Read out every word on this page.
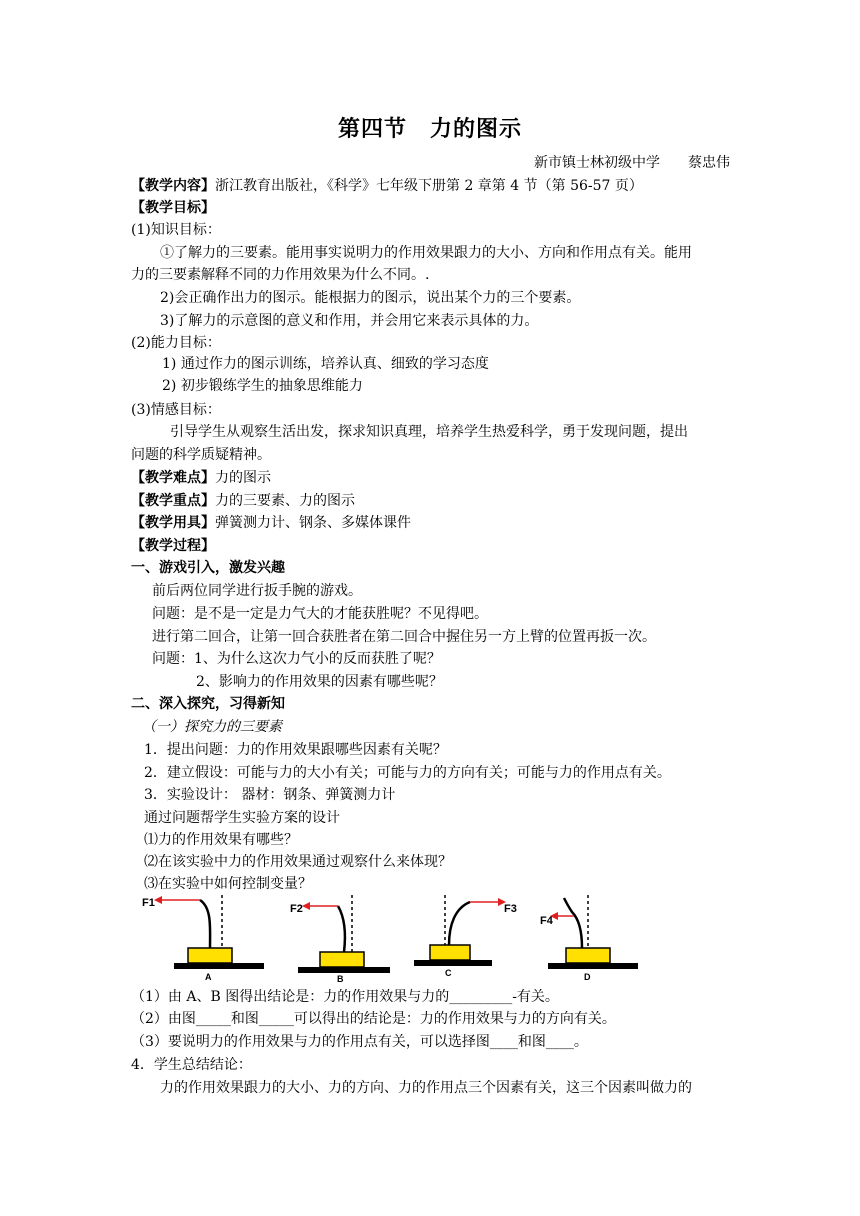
第四节　力的图示
新市镇士林初级中学 蔡忠伟
【教学内容】浙江教育出版社，《科学》七年级下册第 2 章第 4 节（第 56-57 页）
【教学目标】
(1)知识目标：
①了解力的三要素。能用事实说明力的作用效果跟力的大小、方向和作用点有关。能用
力的三要素解释不同的力作用效果为什么不同。.
2)会正确作出力的图示。能根据力的图示，说出某个力的三个要素。
3)了解力的示意图的意义和作用，并会用它来表示具体的力。
(2)能力目标：
1) 通过作力的图示训练，培养认真、细致的学习态度
2) 初步锻练学生的抽象思维能力
(3)情感目标：
引导学生从观察生活出发，探求知识真理，培养学生热爱科学，勇于发现问题，提出
问题的科学质疑精神。
【教学难点】力的图示
【教学重点】力的三要素、力的图示
【教学用具】弹簧测力计、钢条、多媒体课件
【教学过程】
一、游戏引入，激发兴趣
前后两位同学进行扳手腕的游戏。
问题：是不是一定是力气大的才能获胜呢？不见得吧。
进行第二回合，让第一回合获胜者在第二回合中握住另一方上臂的位置再扳一次。
问题：1、为什么这次力气小的反而获胜了呢？
2、影响力的作用效果的因素有哪些呢？
二、深入探究，习得新知
（一）探究力的三要素
1．提出问题：力的作用效果跟哪些因素有关呢？
2．建立假设：可能与力的大小有关；可能与力的方向有关；可能与力的作用点有关。
3．实验设计： 器材：钢条、弹簧测力计
通过问题帮学生实验方案的设计
⑴力的作用效果有哪些？
⑵在该实验中力的作用效果通过观察什么来体现？
⑶在实验中如何控制变量？
F1
A
F2
B
F3
C
F4
D
（1）由 A、B 图得出结论是：力的作用效果与力的_________-有关。
（2）由图_____和图_____可以得出的结论是：力的作用效果与力的方向有关。
（3）要说明力的作用效果与力的作用点有关，可以选择图____和图____。
4．学生总结结论：
力的作用效果跟力的大小、力的方向、力的作用点三个因素有关，这三个因素叫做力的
